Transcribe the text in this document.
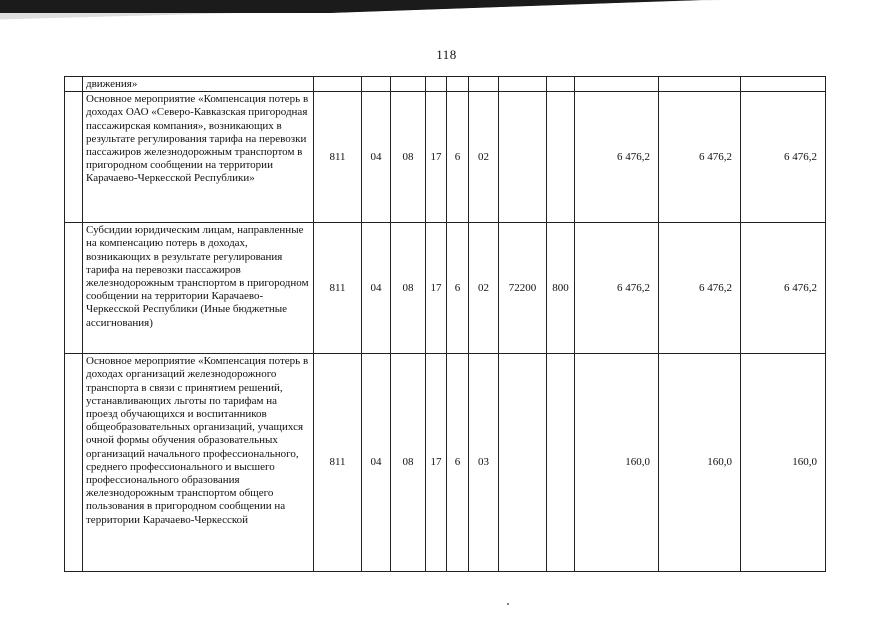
118
	движения»											
	Основное мероприятие «Компенсация потерь в доходах ОАО «Северо-Кавказская пригородная пассажирская компания», возникающих в результате регулирования тарифа на перевозки пассажиров железнодорожным транспортом в пригородном сообщении на территории Карачаево-Черкесской Республики»	811	04	08	17	6	02			6 476,2	6 476,2	6 476,2
	Субсидии юридическим лицам, направленные на компенсацию потерь в доходах, возникающих в результате регулирования тарифа на перевозки пассажиров железнодорожным транспортом в пригородном сообщении на территории Карачаево-Черкесской Республики (Иные бюджетные ассигнования)	811	04	08	17	6	02	72200	800	6 476,2	6 476,2	6 476,2
	Основное мероприятие «Компенсация потерь в доходах организаций железнодорожного транспорта в связи с принятием решений, устанавливающих льготы по тарифам на проезд обучающихся и воспитанников общеобразовательных организаций, учащихся очной формы обучения образовательных организаций начального профессионального, среднего профессионального и высшего профессионального образования железнодорожным транспортом общего пользования в пригородном сообщении на территории Карачаево-Черкесской	811	04	08	17	6	03			160,0	160,0	160,0
